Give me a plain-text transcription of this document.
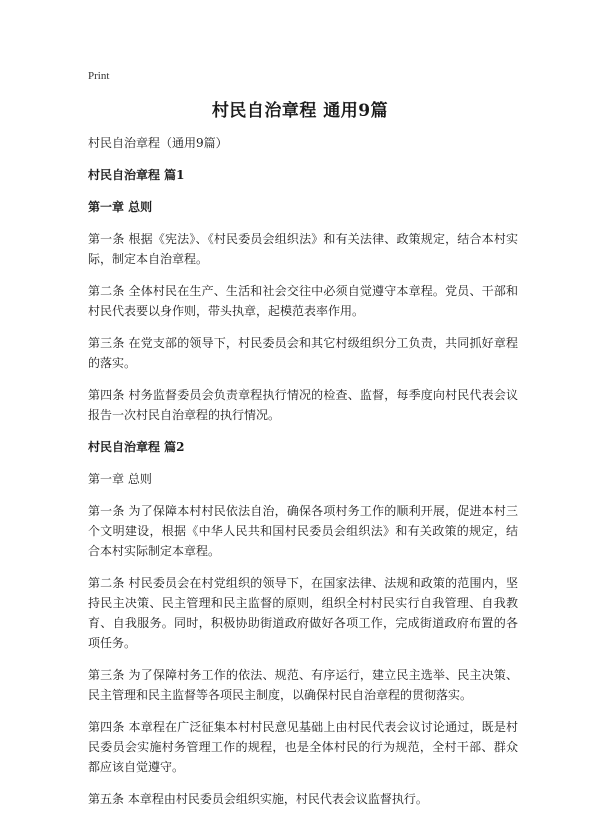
Print
村民自治章程 通用9篇

村民自治章程（通用9篇）

村民自治章程 篇1

第一章 总则

第一条 根据《宪法》、《村民委员会组织法》和有关法律、政策规定，结合本村实际，制定本自治章程。

第二条 全体村民在生产、生活和社会交往中必须自觉遵守本章程。党员、干部和村民代表要以身作则，带头执章，起模范表率作用。

第三条 在党支部的领导下，村民委员会和其它村级组织分工负责，共同抓好章程的落实。

第四条 村务监督委员会负责章程执行情况的检查、监督，每季度向村民代表会议报告一次村民自治章程的执行情况。

村民自治章程 篇2

第一章 总则

第一条 为了保障本村村民依法自治，确保各项村务工作的顺利开展，促进本村三个文明建设，根据《中华人民共和国村民委员会组织法》和有关政策的规定，结合本村实际制定本章程。

第二条 村民委员会在村党组织的领导下，在国家法律、法规和政策的范围内，坚持民主决策、民主管理和民主监督的原则，组织全村村民实行自我管理、自我教育、自我服务。同时，积极协助街道政府做好各项工作，完成街道政府布置的各项任务。

第三条 为了保障村务工作的依法、规范、有序运行，建立民主选举、民主决策、民主管理和民主监督等各项民主制度，以确保村民自治章程的贯彻落实。

第四条 本章程在广泛征集本村村民意见基础上由村民代表会议讨论通过，既是村民委员会实施村务管理工作的规程，也是全体村民的行为规范，全村干部、群众都应该自觉遵守。

第五条 本章程由村民委员会组织实施，村民代表会议监督执行。
